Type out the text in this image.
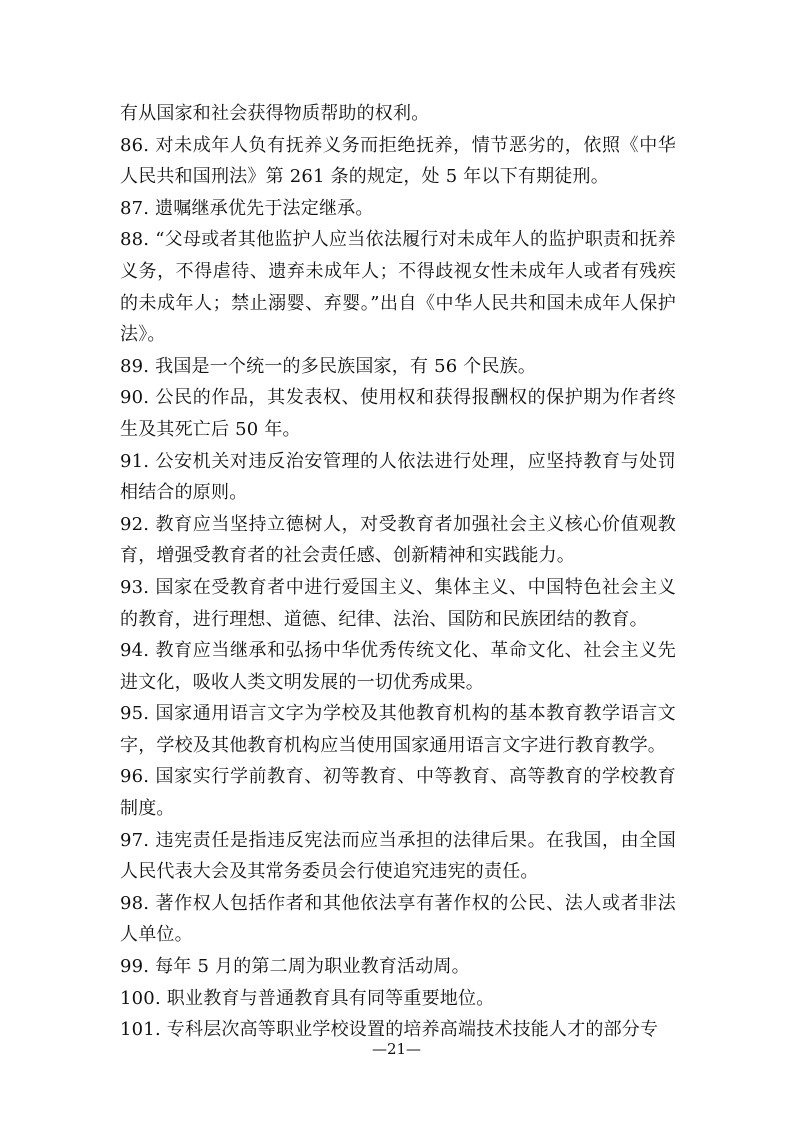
有从国家和社会获得物质帮助的权利。

86. 对未成年人负有抚养义务而拒绝抚养，情节恶劣的，依照《中华人民共和国刑法》第 261 条的规定，处 5 年以下有期徒刑。

87. 遗嘱继承优先于法定继承。

88. “父母或者其他监护人应当依法履行对未成年人的监护职责和抚养义务，不得虐待、遗弃未成年人；不得歧视女性未成年人或者有残疾的未成年人；禁止溺婴、弃婴。”出自《中华人民共和国未成年人保护法》。

89. 我国是一个统一的多民族国家，有 56 个民族。

90. 公民的作品，其发表权、使用权和获得报酬权的保护期为作者终生及其死亡后 50 年。

91. 公安机关对违反治安管理的人依法进行处理，应坚持教育与处罚相结合的原则。

92. 教育应当坚持立德树人，对受教育者加强社会主义核心价值观教育，增强受教育者的社会责任感、创新精神和实践能力。

93. 国家在受教育者中进行爱国主义、集体主义、中国特色社会主义的教育，进行理想、道德、纪律、法治、国防和民族团结的教育。

94. 教育应当继承和弘扬中华优秀传统文化、革命文化、社会主义先进文化，吸收人类文明发展的一切优秀成果。

95. 国家通用语言文字为学校及其他教育机构的基本教育教学语言文字，学校及其他教育机构应当使用国家通用语言文字进行教育教学。

96. 国家实行学前教育、初等教育、中等教育、高等教育的学校教育制度。

97. 违宪责任是指违反宪法而应当承担的法律后果。在我国，由全国人民代表大会及其常务委员会行使追究违宪的责任。

98. 著作权人包括作者和其他依法享有著作权的公民、法人或者非法人单位。

99. 每年 5 月的第二周为职业教育活动周。

100. 职业教育与普通教育具有同等重要地位。

101. 专科层次高等职业学校设置的培养高端技术技能人才的部分专

—21—
